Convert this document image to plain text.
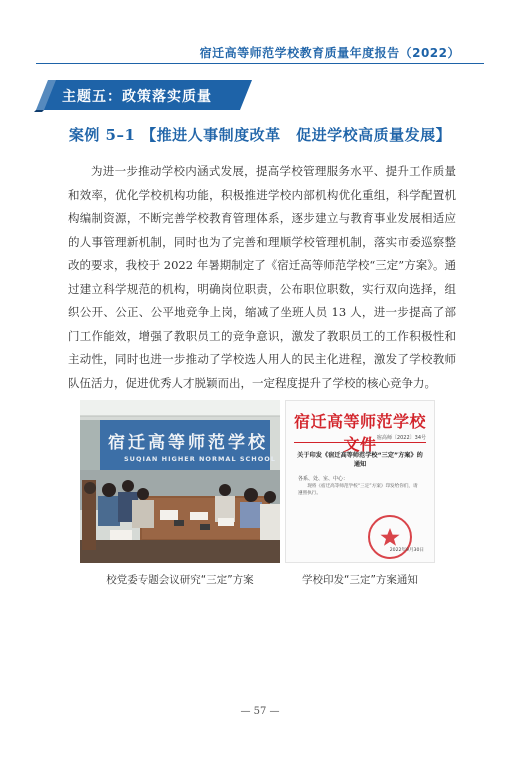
宿迁高等师范学校教育质量年度报告（2022）
主题五：政策落实质量
案例 5–1 【推进人事制度改革　促进学校高质量发展】

为进一步推动学校内涵式发展，提高学校管理服务水平、提升工作质量和效率，优化学校机构功能，积极推进学校内部机构优化重组，科学配置机构编制资源，不断完善学校教育管理体系，逐步建立与教育事业发展相适应的人事管理新机制，同时也为了完善和理顺学校管理机制，落实市委巡察整改的要求，我校于 2022 年暑期制定了《宿迁高等师范学校“三定”方案》。通过建立科学规范的机构，明确岗位职责，公布职位职数，实行双向选择，组织公开、公正、公平地竞争上岗，缩减了坐班人员 13 人，进一步提高了部门工作能效，增强了教职员工的竞争意识，激发了教职员工的工作积极性和主动性，同时也进一步推动了学校选人用人的民主化进程，激发了学校教师队伍活力，促进优秀人才脱颖而出，一定程度提升了学校的核心竞争力。

宿迁高等师范学校
SUQIAN HIGHER NORMAL SCHOOL
宿迁高等师范学校文件 宿高师〔2022〕34号
关于印发《宿迁高等师范学校“三定”方案》的通知
各系、处、室、中心：
现将《宿迁高等师范学校“三定”方案》印发给你们，请遵照执行。
2022年9月30日
校党委专题会议研究“三定”方案	学校印发“三定”方案通知
— 57 —
